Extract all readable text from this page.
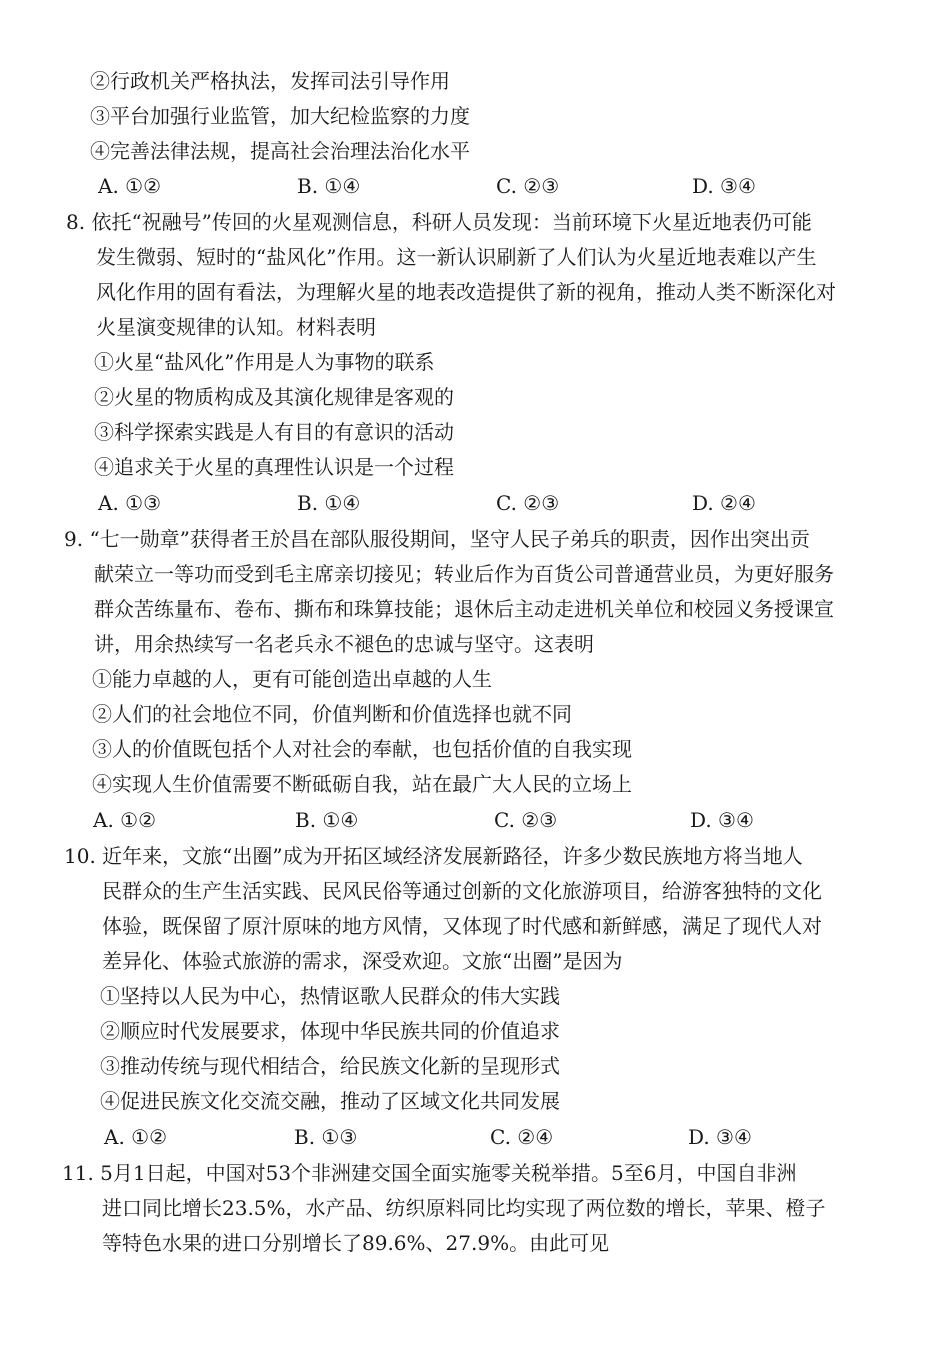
②行政机关严格执法，发挥司法引导作用
③平台加强行业监管，加大纪检监察的力度
④完善法律法规，提高社会治理法治化水平
A. ①②	B. ①④	C. ②③	D. ③④
8. 依托“祝融号”传回的火星观测信息，科研人员发现：当前环境下火星近地表仍可能
发生微弱、短时的“盐风化”作用。这一新认识刷新了人们认为火星近地表难以产生
风化作用的固有看法，为理解火星的地表改造提供了新的视角，推动人类不断深化对
火星演变规律的认知。材料表明
①火星“盐风化”作用是人为事物的联系
②火星的物质构成及其演化规律是客观的
③科学探索实践是人有目的有意识的活动
④追求关于火星的真理性认识是一个过程
A. ①③	B. ①④	C. ②③	D. ②④
9. “七一勋章”获得者王於昌在部队服役期间，坚守人民子弟兵的职责，因作出突出贡
献荣立一等功而受到毛主席亲切接见；转业后作为百货公司普通营业员，为更好服务
群众苦练量布、卷布、撕布和珠算技能；退休后主动走进机关单位和校园义务授课宣
讲，用余热续写一名老兵永不褪色的忠诚与坚守。这表明
①能力卓越的人，更有可能创造出卓越的人生
②人们的社会地位不同，价值判断和价值选择也就不同
③人的价值既包括个人对社会的奉献，也包括价值的自我实现
④实现人生价值需要不断砥砺自我，站在最广大人民的立场上
A. ①②	B. ①④	C. ②③	D. ③④
10. 近年来，文旅“出圈”成为开拓区域经济发展新路径，许多少数民族地方将当地人
民群众的生产生活实践、民风民俗等通过创新的文化旅游项目，给游客独特的文化
体验，既保留了原汁原味的地方风情，又体现了时代感和新鲜感，满足了现代人对
差异化、体验式旅游的需求，深受欢迎。文旅“出圈”是因为
①坚持以人民为中心，热情讴歌人民群众的伟大实践
②顺应时代发展要求，体现中华民族共同的价值追求
③推动传统与现代相结合，给民族文化新的呈现形式
④促进民族文化交流交融，推动了区域文化共同发展
A. ①②	B. ①③	C. ②④	D. ③④
11. 5月1日起，中国对53个非洲建交国全面实施零关税举措。5至6月，中国自非洲
进口同比增长23.5%，水产品、纺织原料同比均实现了两位数的增长，苹果、橙子
等特色水果的进口分别增长了89.6%、27.9%。由此可见
